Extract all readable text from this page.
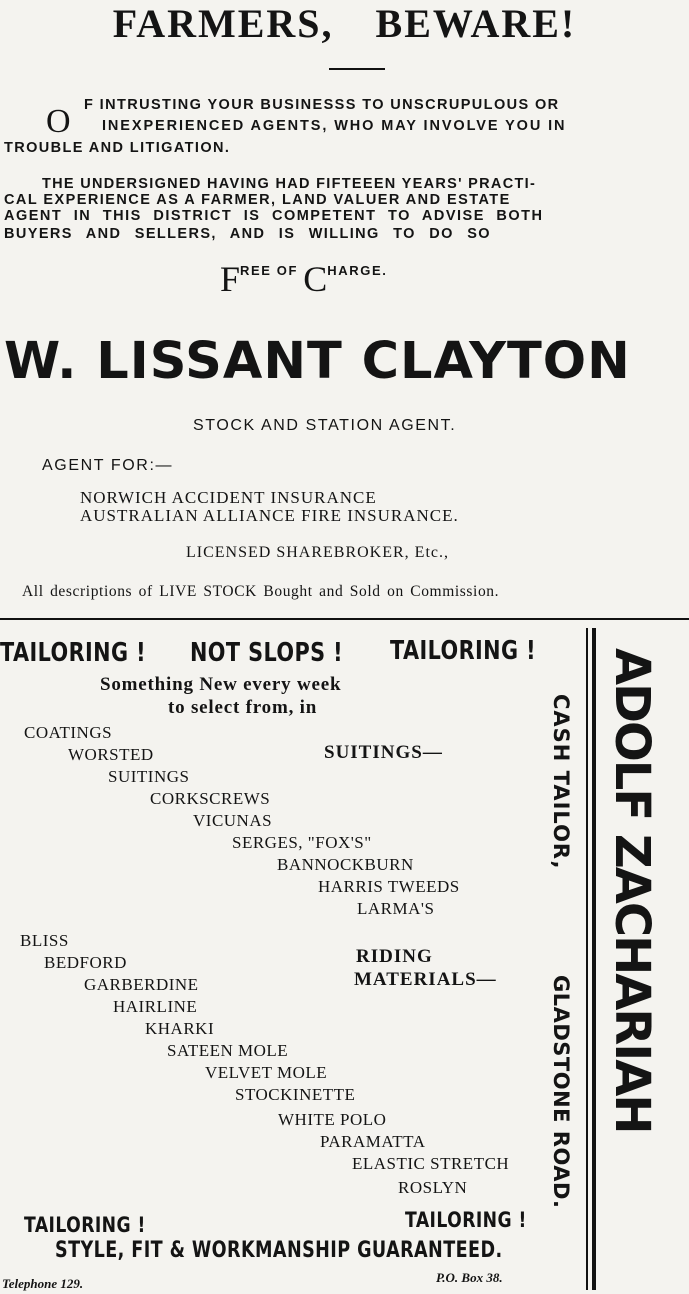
FARMERS, BEWARE!
O F INTRUSTING YOUR BUSINESSS TO UNSCRUPULOUS OR
INEXPERIENCED AGENTS, WHO MAY INVOLVE YOU IN
TROUBLE AND LITIGATION.
THE UNDERSIGNED HAVING HAD FIFTEEEN YEARS' PRACTI-
CAL EXPERIENCE AS A FARMER, LAND VALUER AND ESTATE
AGENT IN THIS DISTRICT IS COMPETENT TO ADVISE BOTH
BUYERS AND SELLERS, AND IS WILLING TO DO SO
$F^{REE OF}$ $C^{HARGE.}$
W. LISSANT CLAYTON
STOCK AND STATION AGENT.
AGENT FOR:—
NORWICH ACCIDENT INSURANCE
AUSTRALIAN ALLIANCE FIRE INSURANCE.
LICENSED SHAREBROKER, Etc.,
All descriptions of LIVE STOCK Bought and Sold on Commission.
TAILORING ! NOT SLOPS ! TAILORING !
Something New every week
to select from, in
SUITINGS—
COATINGS
WORSTED
SUITINGS
CORKSCREWS
VICUNAS
SERGES, "FOX'S"
BANNOCKBURN
HARRIS TWEEDS
LARMA'S
RIDING
MATERIALS—
BLISS
BEDFORD
GARBERDINE
HAIRLINE
KHARKI
SATEEN MOLE
VELVET MOLE
STOCKINETTE
WHITE POLO
PARAMATTA
ELASTIC STRETCH
ROSLYN
TAILORING !	TAILORING !
STYLE, FIT & WORKMANSHIP GUARANTEED.
Telephone 129.	P.O. Box 38.
CASH TAILOR,
GLADSTONE ROAD. ADOLF ZACHARIAH
